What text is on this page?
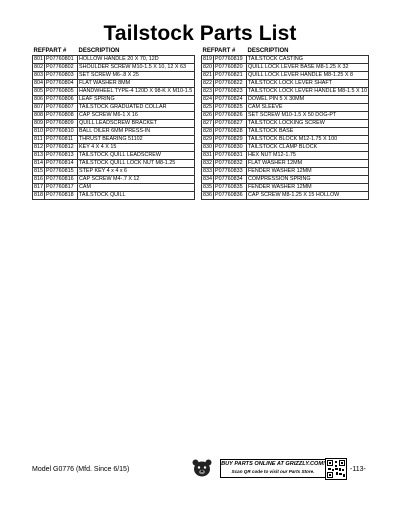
Tailstock Parts List
REF	PART #	DESCRIPTION
801	P07760801	HOLLOW HANDLE 20 X 70, 12D
802	P07760802	SHOULDER SCREW M10-1.5 X 10, 12 X 63
803	P07760803	SET SCREW M6-.8 X 25
804	P07760804	FLAT WASHER 8MM
805	P07760805	HANDWHEEL TYPE-4 120D X 98-K X M10-1.5
806	P07760806	LEAF SPRING
807	P07760807	TAILSTOCK GRADUATED COLLAR
808	P07760808	CAP SCREW M6-1 X 16
809	P07760809	QUILL LEADSCREW BRACKET
810	P07760810	BALL OILER 6MM PRESS-IN
811	P07760811	THRUST BEARING 51102
812	P07760812	KEY 4 X 4 X 15
813	P07760813	TAILSTOCK QUILL LEADSCREW
814	P07760814	TAILSTOCK QUILL LOCK NUT M8-1.25
815	P07760815	STEP KEY 4 x 4 x 6
816	P07760816	CAP SCREW M4-.7 X 12
817	P07760817	CAM
818	P07760818	TAILSTOCK QUILL
REF	PART #	DESCRIPTION
819	P07760819	TAILSTOCK CASTING
820	P07760820	QUILL LOCK LEVER BASE M8-1.25 X 32
821	P07760821	QUILL LOCK LEVER HANDLE M8-1.25 X 8
822	P07760822	TAILSTOCK LOCK LEVER SHAFT
823	P07760823	TAILSTOCK LOCK LEVER HANDLE M8-1.5 X 10
824	P07760824	DOWEL PIN 5 X 30MM
825	P07760825	CAM SLEEVE
826	P07760826	SET SCREW M10-1.5 X 50 DOG-PT
827	P07760827	TAILSTOCK LOCKING SCREW
828	P07760828	TAILSTOCK BASE
829	P07760829	TAILSTOCK BLOCK M12-1.75 X 100
830	P07760830	TAILSTOCK CLAMP BLOCK
831	P07760831	HEX NUT M12-1.75
832	P07760832	FLAT WASHER 12MM
833	P07760833	FENDER WASHER 12MM
834	P07760834	COMPRESSION SPRING
835	P07760835	FENDER WASHER 12MM
836	P07760836	CAP SCREW M8-1.25 X 15 HOLLOW
Model G0776 (Mfd. Since 6/15)
BUY PARTS ONLINE AT GRIZZLY.COM!
Scan QR code to visit our Parts Store.	-113-
